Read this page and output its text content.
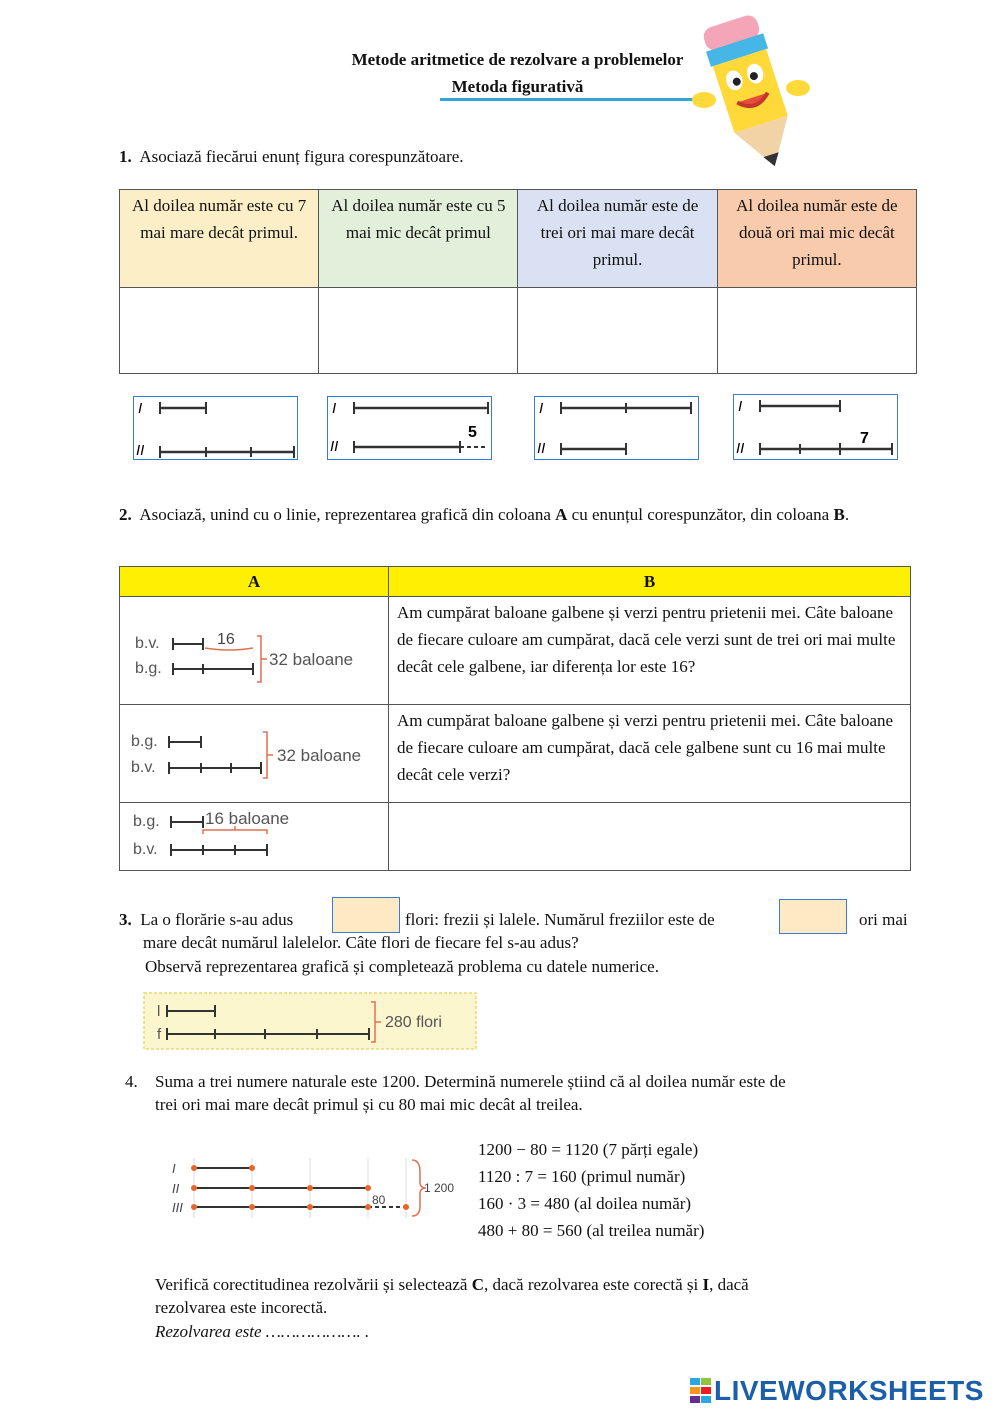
Metode aritmetice de rezolvare a problemelor
Metoda figurativă
1. Asociază fiecărui enunț figura corespunzătoare.
Al doilea număr este cu 7 mai mare decât primul.	Al doilea număr este cu 5 mai mic decât primul	Al doilea număr este de trei ori mai mare decât primul.	Al doilea număr este de două ori mai mic decât primul.

I
II
I
5
II
I
II
I
7
II
2. Asociază, unind cu o linie, reprezentarea grafică din coloana A cu enunțul corespunzător, din coloana B.
A	B

b.v. 16
b.g. 32 baloane	Am cumpărat baloane galbene și verzi pentru prietenii mei. Câte baloane de fiecare culoare am cumpărat, dacă cele verzi sunt de trei ori mai multe decât cele galbene, iar diferența lor este 16?

b.g.
b.v.
32 baloane	Am cumpărat baloane galbene și verzi pentru prietenii mei. Câte baloane de fiecare culoare am cumpărat, dacă cele galbene sunt cu 16 mai multe decât cele verzi?

b.g. 16 baloane
b.v.	

3. La o florărie s-au adus	flori: frezii și lalele. Numărul freziilor este de	ori mai
mare decât numărul lalelelor. Câte flori de fiecare fel s-au adus?
Observă reprezentarea grafică și completează problema cu datele numerice.
l
f
280 flori
4. Suma a trei numere naturale este 1200. Determină numerele știind că al doilea număr este de
trei ori mai mare decât primul și cu 80 mai mic decât al treilea.
I
II
III	80
1 200
1200 − 80 = 1120 (7 părți egale)
1120 : 7 = 160 (primul număr)
160 · 3 = 480 (al doilea număr)
480 + 80 = 560 (al treilea număr)
Verifică corectitudinea rezolvării și selectează C, dacă rezolvarea este corectă și I, dacă
rezolvarea este incorectă.
Rezolvarea este ………………. .
LIVEWORKSHEETS
